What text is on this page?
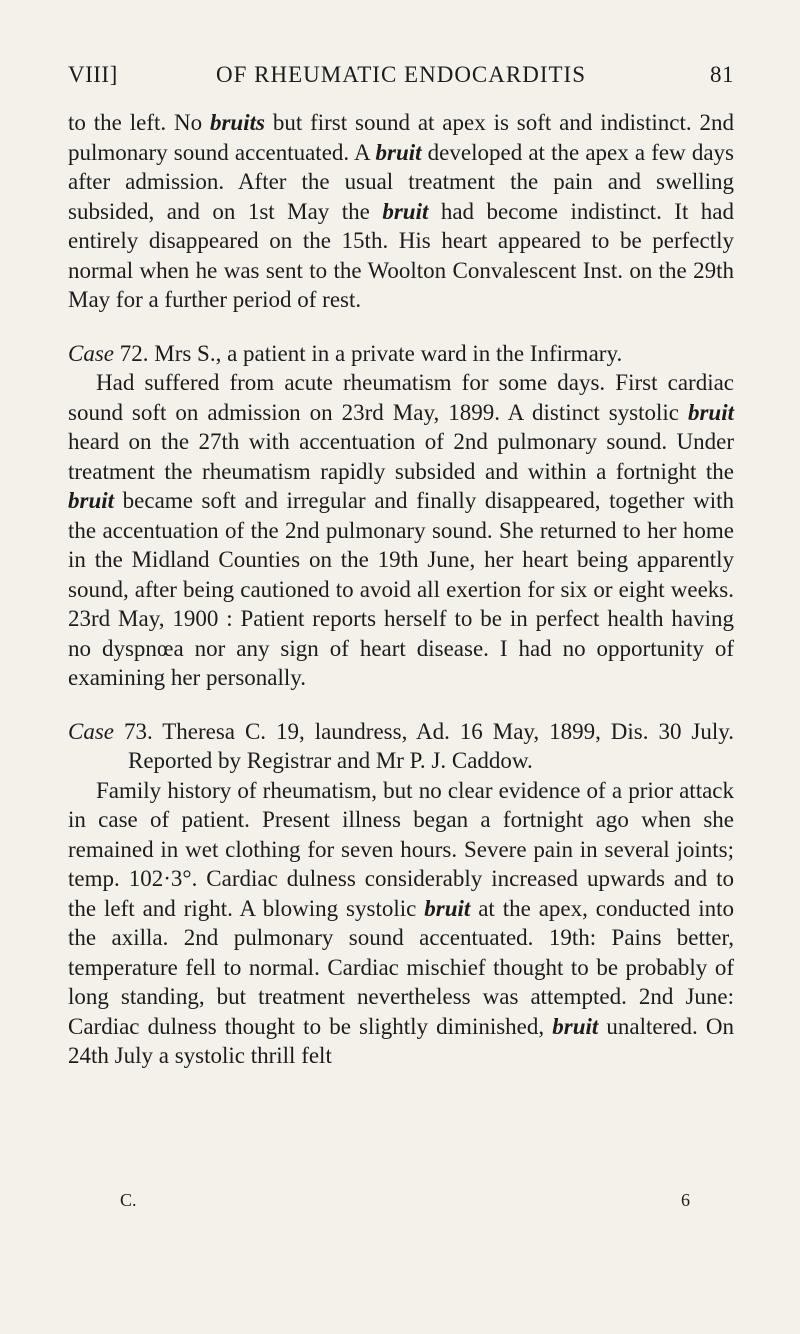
VIII]	OF RHEUMATIC ENDOCARDITIS	81

to the left. No bruits but first sound at apex is soft and indistinct. 2nd pulmonary sound accentuated. A bruit developed at the apex a few days after admission. After the usual treatment the pain and swelling subsided, and on 1st May the bruit had become indistinct. It had entirely disappeared on the 15th. His heart appeared to be perfectly normal when he was sent to the Woolton Convalescent Inst. on the 29th May for a further period of rest.

Case 72. Mrs S., a patient in a private ward in the Infirmary.

Had suffered from acute rheumatism for some days. First cardiac sound soft on admission on 23rd May, 1899. A distinct systolic bruit heard on the 27th with accentuation of 2nd pulmonary sound. Under treatment the rheumatism rapidly subsided and within a fortnight the bruit became soft and irregular and finally disappeared, together with the accentuation of the 2nd pulmonary sound. She returned to her home in the Midland Counties on the 19th June, her heart being apparently sound, after being cautioned to avoid all exertion for six or eight weeks. 23rd May, 1900 : Patient reports herself to be in perfect health having no dyspnœa nor any sign of heart disease. I had no opportunity of examining her personally.

Case 73. Theresa C. 19, laundress, Ad. 16 May, 1899, Dis. 30 July. Reported by Registrar and Mr P. J. Caddow.

Family history of rheumatism, but no clear evidence of a prior attack in case of patient. Present illness began a fortnight ago when she remained in wet clothing for seven hours. Severe pain in several joints; temp. 102·3°. Cardiac dulness considerably increased upwards and to the left and right. A blowing systolic bruit at the apex, conducted into the axilla. 2nd pulmonary sound accentuated. 19th: Pains better, temperature fell to normal. Cardiac mischief thought to be probably of long standing, but treatment nevertheless was attempted. 2nd June: Cardiac dulness thought to be slightly diminished, bruit unaltered. On 24th July a systolic thrill felt

C.	6
